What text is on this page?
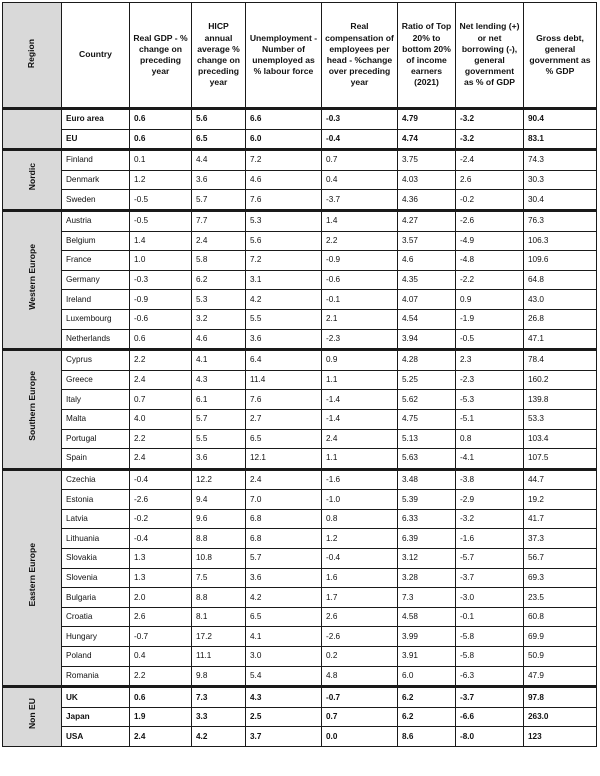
Region	Country	Real GDP - % change on preceding year	HICP annual average % change on preceding year	Unemployment - Number of unemployed as % labour force	Real compensation of employees per head - %change over preceding year	Ratio of Top 20% to bottom 20% of income earners (2021)	Net lending (+) or net borrowing (-), general government as % of GDP	Gross debt, general government as % GDP
	Euro area	0.6	5.6	6.6	-0.3	4.79	-3.2	90.4
	EU	0.6	6.5	6.0	-0.4	4.74	-3.2	83.1
Nordic	Finland	0.1	4.4	7.2	0.7	3.75	-2.4	74.3
	Denmark	1.2	3.6	4.6	0.4	4.03	2.6	30.3
	Sweden	-0.5	5.7	7.6	-3.7	4.36	-0.2	30.4
Western Europe	Austria	-0.5	7.7	5.3	1.4	4.27	-2.6	76.3
	Belgium	1.4	2.4	5.6	2.2	3.57	-4.9	106.3
	France	1.0	5.8	7.2	-0.9	4.6	-4.8	109.6
	Germany	-0.3	6.2	3.1	-0.6	4.35	-2.2	64.8
	Ireland	-0.9	5.3	4.2	-0.1	4.07	0.9	43.0
	Luxembourg	-0.6	3.2	5.5	2.1	4.54	-1.9	26.8
	Netherlands	0.6	4.6	3.6	-2.3	3.94	-0.5	47.1
Southern Europe	Cyprus	2.2	4.1	6.4	0.9	4.28	2.3	78.4
	Greece	2.4	4.3	11.4	1.1	5.25	-2.3	160.2
	Italy	0.7	6.1	7.6	-1.4	5.62	-5.3	139.8
	Malta	4.0	5.7	2.7	-1.4	4.75	-5.1	53.3
	Portugal	2.2	5.5	6.5	2.4	5.13	0.8	103.4
	Spain	2.4	3.6	12.1	1.1	5.63	-4.1	107.5
Eastern Europe	Czechia	-0.4	12.2	2.4	-1.6	3.48	-3.8	44.7
	Estonia	-2.6	9.4	7.0	-1.0	5.39	-2.9	19.2
	Latvia	-0.2	9.6	6.8	0.8	6.33	-3.2	41.7
	Lithuania	-0.4	8.8	6.8	1.2	6.39	-1.6	37.3
	Slovakia	1.3	10.8	5.7	-0.4	3.12	-5.7	56.7
	Slovenia	1.3	7.5	3.6	1.6	3.28	-3.7	69.3
	Bulgaria	2.0	8.8	4.2	1.7	7.3	-3.0	23.5
	Croatia	2.6	8.1	6.5	2.6	4.58	-0.1	60.8
	Hungary	-0.7	17.2	4.1	-2.6	3.99	-5.8	69.9
	Poland	0.4	11.1	3.0	0.2	3.91	-5.8	50.9
	Romania	2.2	9.8	5.4	4.8	6.0	-6.3	47.9
Non EU	UK	0.6	7.3	4.3	-0.7	6.2	-3.7	97.8
	Japan	1.9	3.3	2.5	0.7	6.2	-6.6	263.0
	USA	2.4	4.2	3.7	0.0	8.6	-8.0	123
